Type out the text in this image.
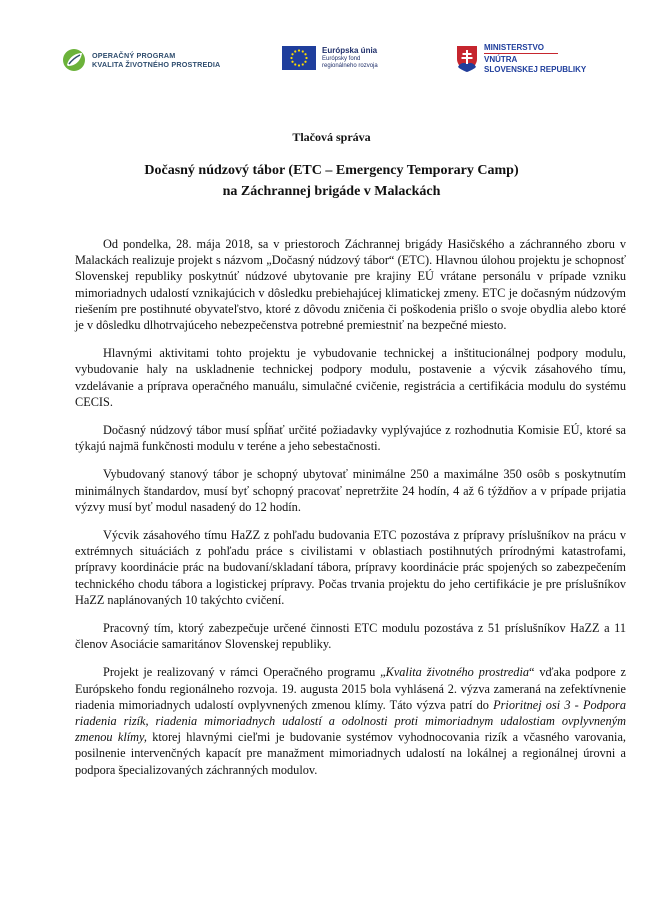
OPERAČNÝ PROGRAM
KVALITA ŽIVOTNÉHO PROSTREDIA
Európska únia
Európsky fond
regionálneho rozvoja
MINISTERSTVO
VNÚTRA
SLOVENSKEJ REPUBLIKY
Tlačová správa
Dočasný núdzový tábor (ETC – Emergency Temporary Camp)
na Záchrannej brigáde v Malackách

Od pondelka, 28. mája 2018, sa v priestoroch Záchrannej brigády Hasičského a záchranného zboru v Malackách realizuje projekt s názvom „Dočasný núdzový tábor“ (ETC). Hlavnou úlohou projektu je schopnosť Slovenskej republiky poskytnúť núdzové ubytovanie pre krajiny EÚ vrátane personálu v prípade vzniku mimoriadnych udalostí vznikajúcich v dôsledku prebiehajúcej klimatickej zmeny. ETC je dočasným núdzovým riešením pre postihnuté obyvateľstvo, ktoré z dôvodu zničenia či poškodenia prišlo o svoje obydlia alebo ktoré je v dôsledku dlhotrvajúceho nebezpečenstva potrebné premiestniť na bezpečné miesto.

Hlavnými aktivitami tohto projektu je vybudovanie technickej a inštitucionálnej podpory modulu, vybudovanie haly na uskladnenie technickej podpory modulu, postavenie a výcvik zásahového tímu, vzdelávanie a príprava operačného manuálu, simulačné cvičenie, registrácia a certifikácia modulu do systému CECIS.

Dočasný núdzový tábor musí spĺňať určité požiadavky vyplývajúce z rozhodnutia Komisie EÚ, ktoré sa týkajú najmä funkčnosti modulu v teréne a jeho sebestačnosti.

Vybudovaný stanový tábor je schopný ubytovať minimálne 250 a maximálne 350 osôb s poskytnutím minimálnych štandardov, musí byť schopný pracovať nepretržite 24 hodín, 4 až 6 týždňov a v prípade prijatia výzvy musí byť modul nasadený do 12 hodín.

Výcvik zásahového tímu HaZZ z pohľadu budovania ETC pozostáva z prípravy príslušníkov na prácu v extrémnych situáciách z pohľadu práce s civilistami v oblastiach postihnutých prírodnými katastrofami, prípravy koordinácie prác na budovaní/skladaní tábora, prípravy koordinácie prác spojených so zabezpečením technického chodu tábora a logistickej prípravy. Počas trvania projektu do jeho certifikácie je pre príslušníkov HaZZ naplánovaných 10 takýchto cvičení.

Pracovný tím, ktorý zabezpečuje určené činnosti ETC modulu pozostáva z 51 príslušníkov HaZZ a 11 členov Asociácie samaritánov Slovenskej republiky.

Projekt je realizovaný v rámci Operačného programu „Kvalita životného prostredia“ vďaka podpore z Európskeho fondu regionálneho rozvoja. 19. augusta 2015 bola vyhlásená 2. výzva zameraná na zefektívnenie riadenia mimoriadnych udalostí ovplyvnených zmenou klímy. Táto výzva patrí do Prioritnej osi 3 - Podpora riadenia rizík, riadenia mimoriadnych udalostí a odolnosti proti mimoriadnym udalostiam ovplyvneným zmenou klímy, ktorej hlavnými cieľmi je budovanie systémov vyhodnocovania rizík a včasného varovania, posilnenie intervenčných kapacít pre manažment mimoriadnych udalostí na lokálnej a regionálnej úrovni a podpora špecializovaných záchranných modulov.
